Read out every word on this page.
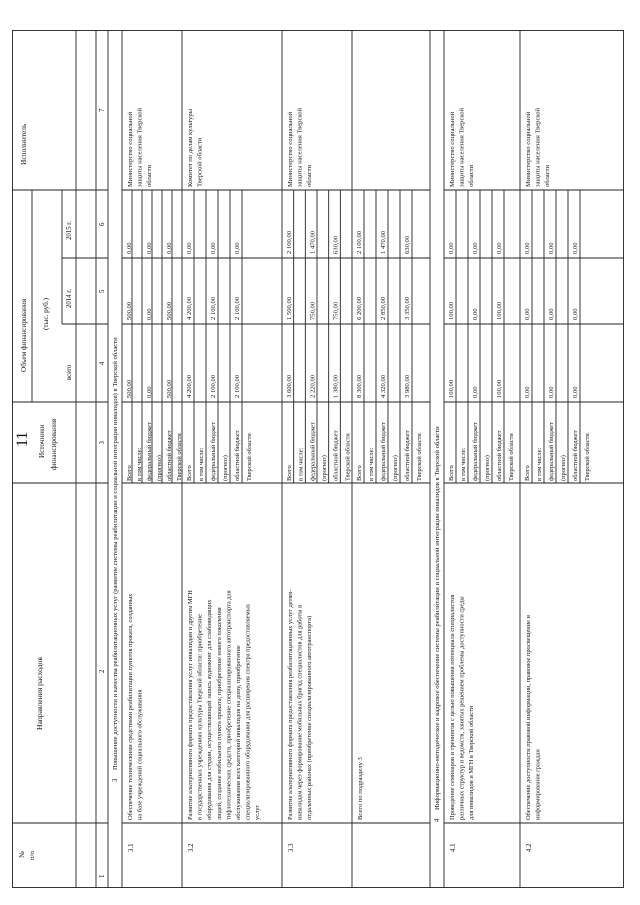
11
№ п/п
Направления расходов
Источники финансирования
Объем финансирования (тыс. руб.)
всего
2014 г.
2015 г.
Исполнитель
1
2
3
4
5
6
7
3
Повышение доступности и качества реабилитационных услуг (развитие системы реабилитации и социальной интеграции инвалидов) в Тверской области
4
Информационно-методическое и кадровое обеспечение системы реабилитации и социальной интеграции инвалидов в Тверской области
3.1
Обеспечение техническими средствами реабилитации пунктов проката, созданных на базе учреждений социального обслуживания
Всего в том числе: федеральный бюджет (прогноз) областной бюджет Тверской области
500,00
500,00
0,00
0,00
0,00
0,00
500,00
500,00
0,00
Министерство социальной защиты населения Тверской области
3.2
Развитие альтернативного формата предоставления услуг инвалидам и другим МГН в государственных учреждениях культуры Тверской области: приобретение оборудования для студии, осуществляющей запись аудиокниг для слабовидящих людей, создание мобильного пункта проката; приобретение нового поколения тифлотехнических средств, приобретение специализированного автотранспорта для обслуживания всех категорий инвалидов на дому, приобретение специализированного оборудования для расширения спектра предоставляемых услуг
Всего в том числе: федеральный бюджет (прогноз) областной бюджет Тверской области
4 200,00
4 200,00
0,00
2 100,00
2 100,00
0,00
2 100,00
2 100,00
0,00
Комитет по делам культуры Тверской области
3.3
Развитие альтернативного формата предоставления реабилитационных услуг детям- инвалидам через формирование мобильных бригад специалистов для работы в отдаленных районах (приобретение специализированного автотранспорта)
Всего в том числе: федеральный бюджет (прогноз) областной бюджет Тверской области
3 600,00
1 500,00
2 100,00
2 220,00
750,00
1 470,00
1 380,00
750,00
630,00
Министерство социальной защиты населения Тверской области
4.1
Проведение семинаров и тренингов с целью повышения потенциала специалистов различных структур и ведомств, занятых решением проблемы доступности среды для инвалидов и МГН в Тверской области
Всего в том числе: федеральный бюджет (прогноз) областной бюджет Тверской области
100,00
100,00
0,00
0,00
0,00
0,00
100,00
100,00
0,00
Министерство социальной защиты населения Тверской области
4.2
Обеспечение доступности правовой информации, правовое просвещение и информирование граждан
Всего в том числе: федеральный бюджет (прогноз) областной бюджет Тверской области
0,00
0,00
0,00
0,00
0,00
0,00
0,00
0,00
0,00
Министерство социальной защиты населения Тверской области
Всего по подразделу 3
Всего в том числе: федеральный бюджет (прогноз) областной бюджет Тверской области
8 300,00
6 200,00
2 100,00
4 320,00
2 850,00
1 470,00
3 980,00
3 350,00
630,00
